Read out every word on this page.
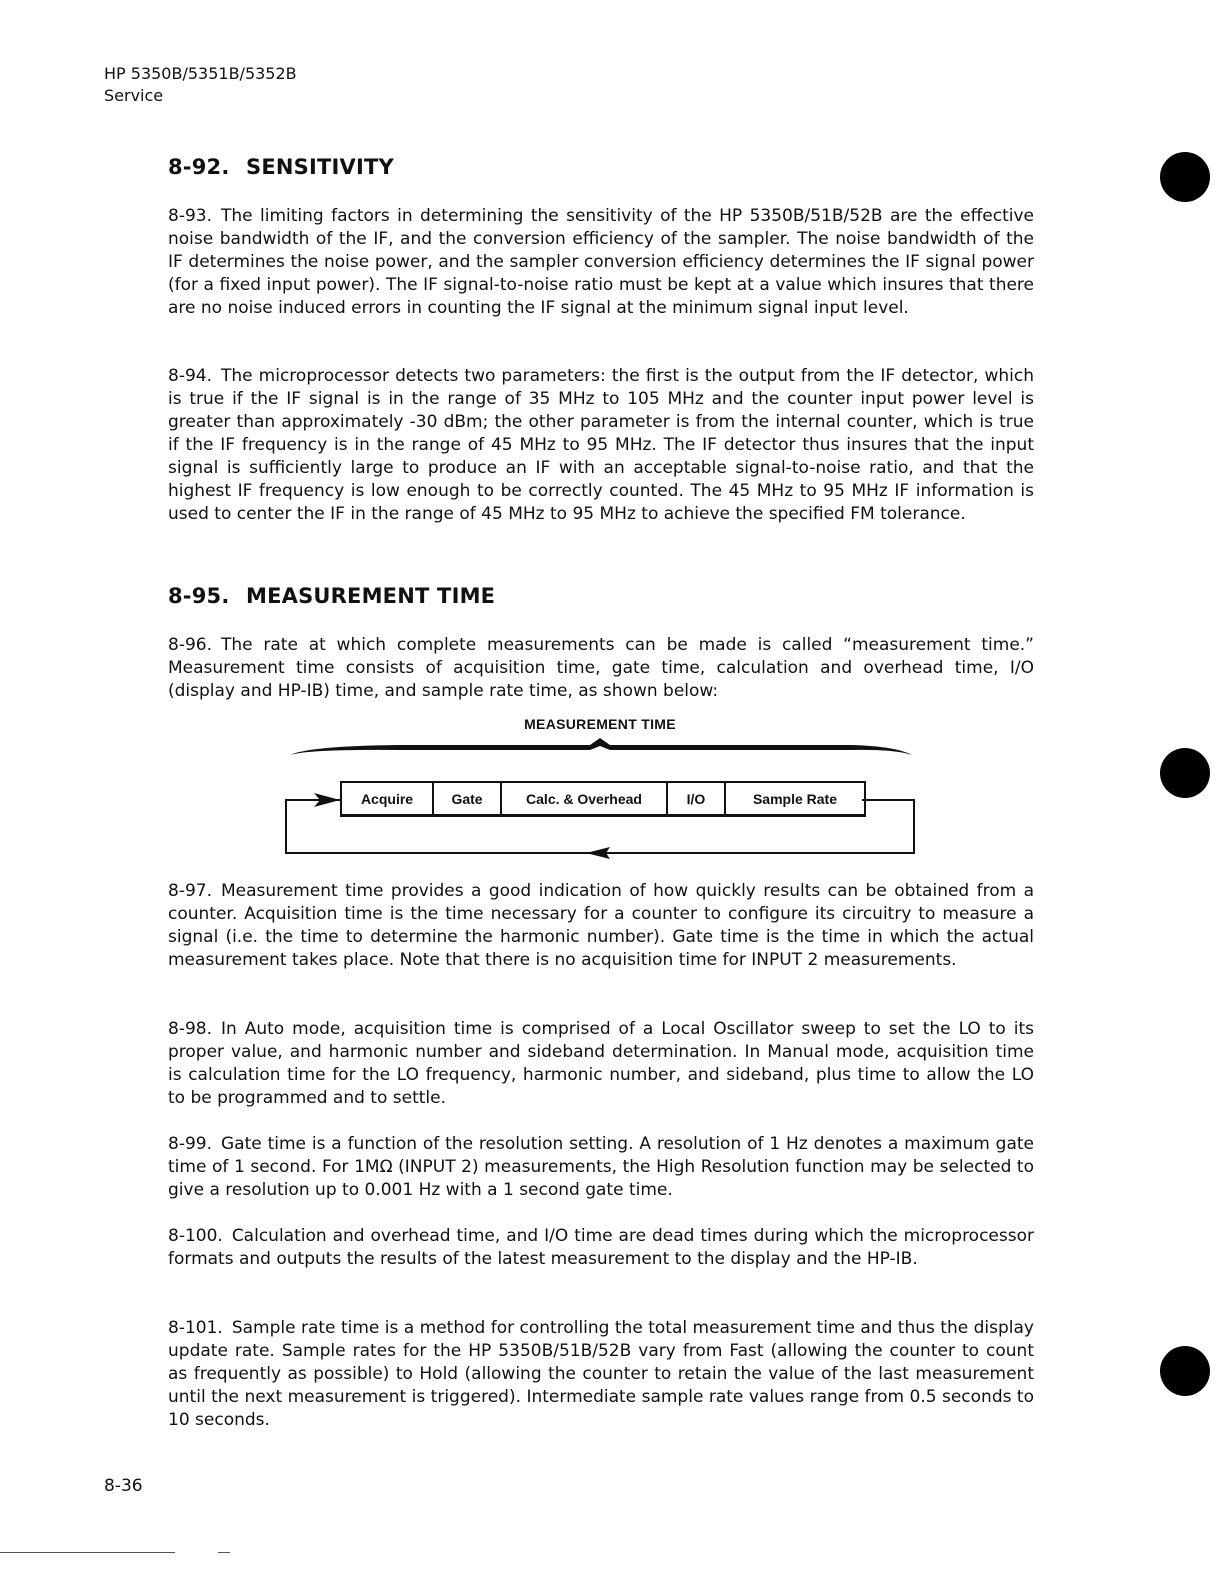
HP 5350B/5351B/5352B
Service
8-92. SENSITIVITY

8-93. The limiting factors in determining the sensitivity of the HP 5350B/51B/52B are the effective noise bandwidth of the IF, and the conversion efficiency of the sampler. The noise bandwidth of the IF determines the noise power, and the sampler conversion efficiency determines the IF signal power (for a fixed input power). The IF signal-to-noise ratio must be kept at a value which insures that there are no noise induced errors in counting the IF signal at the minimum signal input level.

8-94. The microprocessor detects two parameters: the first is the output from the IF detector, which is true if the IF signal is in the range of 35 MHz to 105 MHz and the counter input power level is greater than approximately -30 dBm; the other parameter is from the internal counter, which is true if the IF frequency is in the range of 45 MHz to 95 MHz. The IF detector thus insures that the input signal is sufficiently large to produce an IF with an acceptable signal-to-noise ratio, and that the highest IF frequency is low enough to be correctly counted. The 45 MHz to 95 MHz IF information is used to center the IF in the range of 45 MHz to 95 MHz to achieve the specified FM tolerance.

8-95. MEASUREMENT TIME

8-96. The rate at which complete measurements can be made is called “measurement time.” Measurement time consists of acquisition time, gate time, calculation and overhead time, I/O (display and HP-IB) time, and sample rate time, as shown below:

MEASUREMENT TIME
Acquire	Gate	Calc. & Overhead	I/O	Sample Rate

8-97. Measurement time provides a good indication of how quickly results can be obtained from a counter. Acquisition time is the time necessary for a counter to configure its circuitry to measure a signal (i.e. the time to determine the harmonic number). Gate time is the time in which the actual measurement takes place. Note that there is no acquisition time for INPUT 2 measurements.

8-98. In Auto mode, acquisition time is comprised of a Local Oscillator sweep to set the LO to its proper value, and harmonic number and sideband determination. In Manual mode, acquisition time is calculation time for the LO frequency, harmonic number, and sideband, plus time to allow the LO to be programmed and to settle.

8-99. Gate time is a function of the resolution setting. A resolution of 1 Hz denotes a maximum gate time of 1 second. For 1MΩ (INPUT 2) measurements, the High Resolution function may be selected to give a resolution up to 0.001 Hz with a 1 second gate time.

8-100. Calculation and overhead time, and I/O time are dead times during which the microprocessor formats and outputs the results of the latest measurement to the display and the HP-IB.

8-101. Sample rate time is a method for controlling the total measurement time and thus the display update rate. Sample rates for the HP 5350B/51B/52B vary from Fast (allowing the counter to count as frequently as possible) to Hold (allowing the counter to retain the value of the last measurement until the next measurement is triggered). Intermediate sample rate values range from 0.5 seconds to 10 seconds.

8-36
